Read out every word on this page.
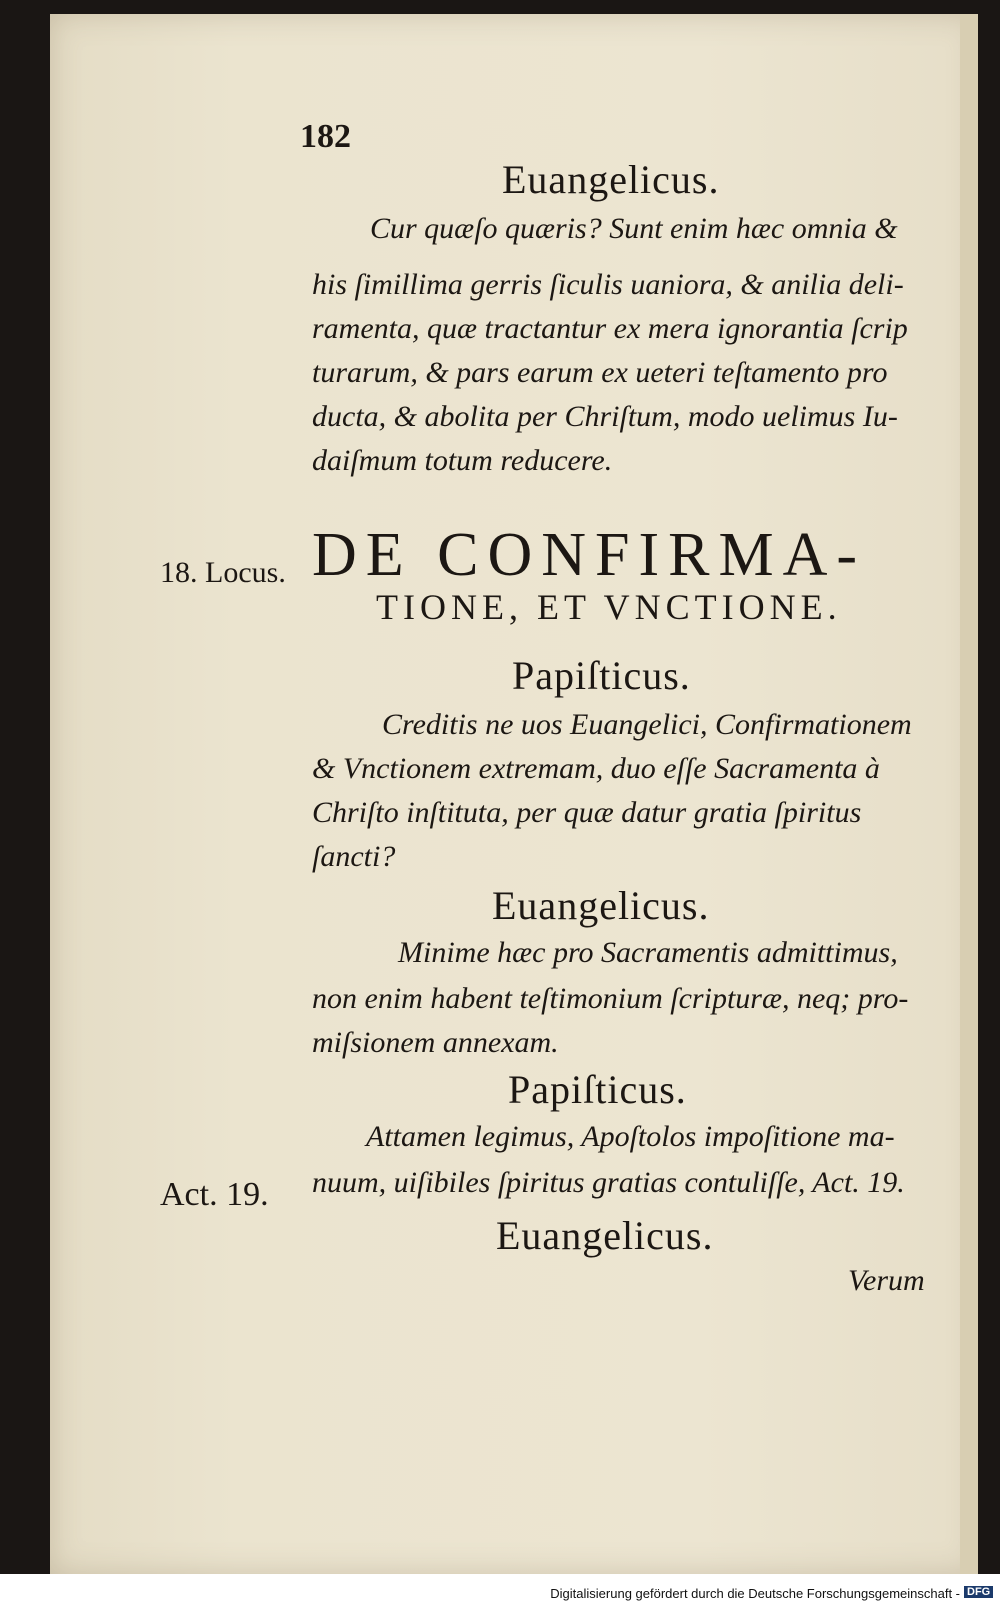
182
Euangelicus.
Cur quæſo quæris? Sunt enim hæc omnia &
his ſimillima gerris ſiculis uaniora, & anilia deli-
ramenta, quæ tractantur ex mera ignorantia ſcrip
turarum, & pars earum ex ueteri teſtamento pro
ducta, & abolita per Chriſtum, modo uelimus Iu-
daiſmum totum reducere.
18. Locus. DE CONFIRMA-
TIONE, ET VNCTIONE.
Papiſticus.
Creditis ne uos Euangelici, Confirmationem
& Vnctionem extremam, duo eſſe Sacramenta à
Chriſto inſtituta, per quæ datur gratia ſpiritus
ſancti?
Euangelicus.
Minime hæc pro Sacramentis admittimus,
non enim habent teſtimonium ſcripturæ, neq; pro-
miſsionem annexam.
Papiſticus.
Attamen legimus, Apoſtolos impoſitione ma-
Act. 19. nuum, uiſibiles ſpiritus gratias contuliſſe, Act. 19.
Euangelicus.
Verum
Digitalisierung gefördert durch die Deutsche Forschungsgemeinschaft - DFG
